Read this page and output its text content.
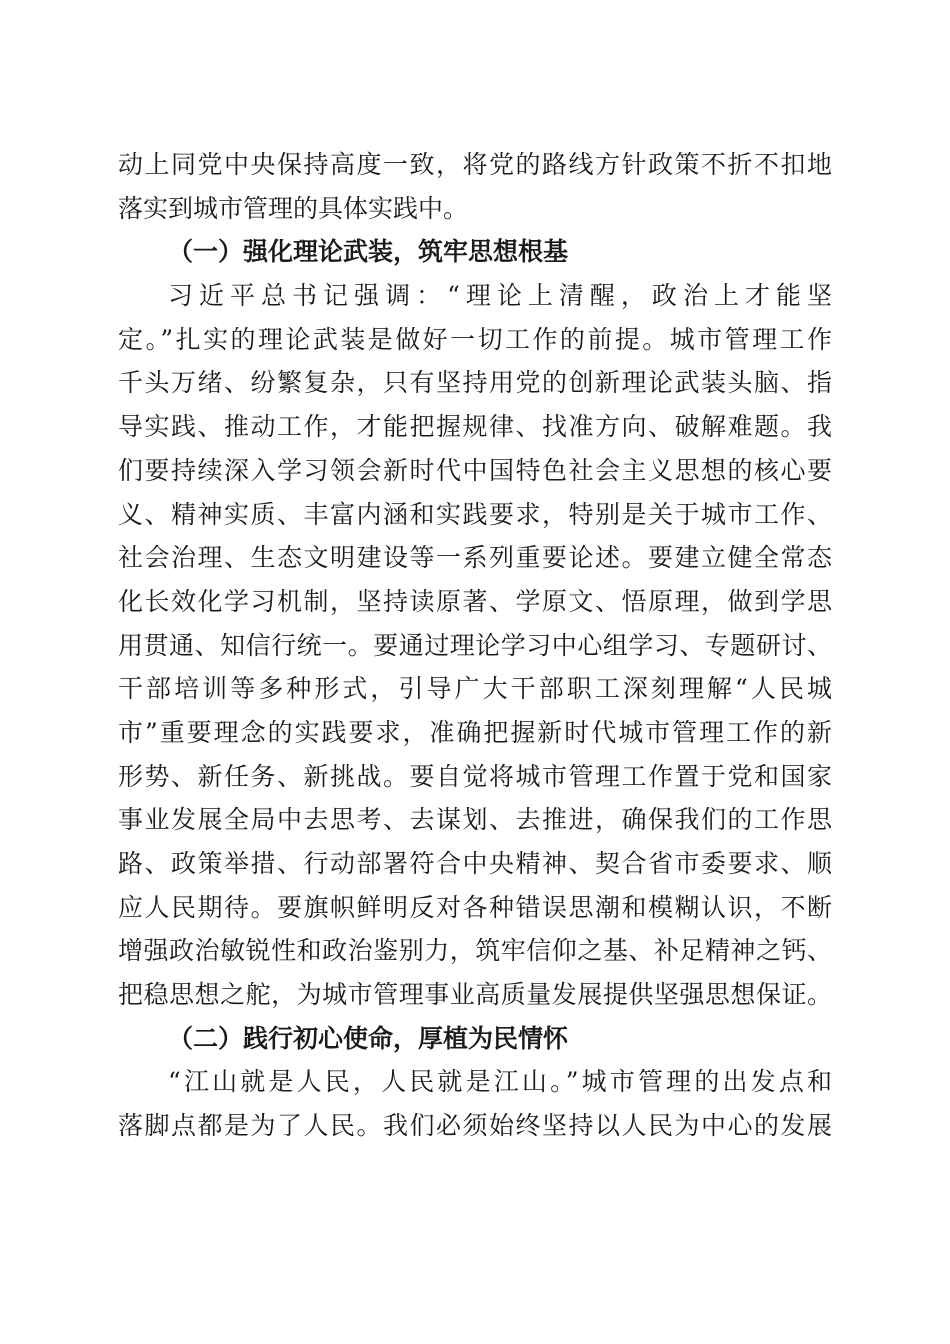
动上同党中央保持高度一致，将党的路线方针政策不折不扣地
落实到城市管理的具体实践中。
（一）强化理论武装，筑牢思想根基
习近平总书记强调：“理论上清醒，政治上才能坚
定。”扎实的理论武装是做好一切工作的前提。城市管理工作
千头万绪、纷繁复杂，只有坚持用党的创新理论武装头脑、指
导实践、推动工作，才能把握规律、找准方向、破解难题。我
们要持续深入学习领会新时代中国特色社会主义思想的核心要
义、精神实质、丰富内涵和实践要求，特别是关于城市工作、
社会治理、生态文明建设等一系列重要论述。要建立健全常态
化长效化学习机制，坚持读原著、学原文、悟原理，做到学思
用贯通、知信行统一。要通过理论学习中心组学习、专题研讨、
干部培训等多种形式，引导广大干部职工深刻理解“人民城
市”重要理念的实践要求，准确把握新时代城市管理工作的新
形势、新任务、新挑战。要自觉将城市管理工作置于党和国家
事业发展全局中去思考、去谋划、去推进，确保我们的工作思
路、政策举措、行动部署符合中央精神、契合省市委要求、顺
应人民期待。要旗帜鲜明反对各种错误思潮和模糊认识，不断
增强政治敏锐性和政治鉴别力，筑牢信仰之基、补足精神之钙、
把稳思想之舵，为城市管理事业高质量发展提供坚强思想保证。
（二）践行初心使命，厚植为民情怀
“江山就是人民，人民就是江山。”城市管理的出发点和
落脚点都是为了人民。我们必须始终坚持以人民为中心的发展
